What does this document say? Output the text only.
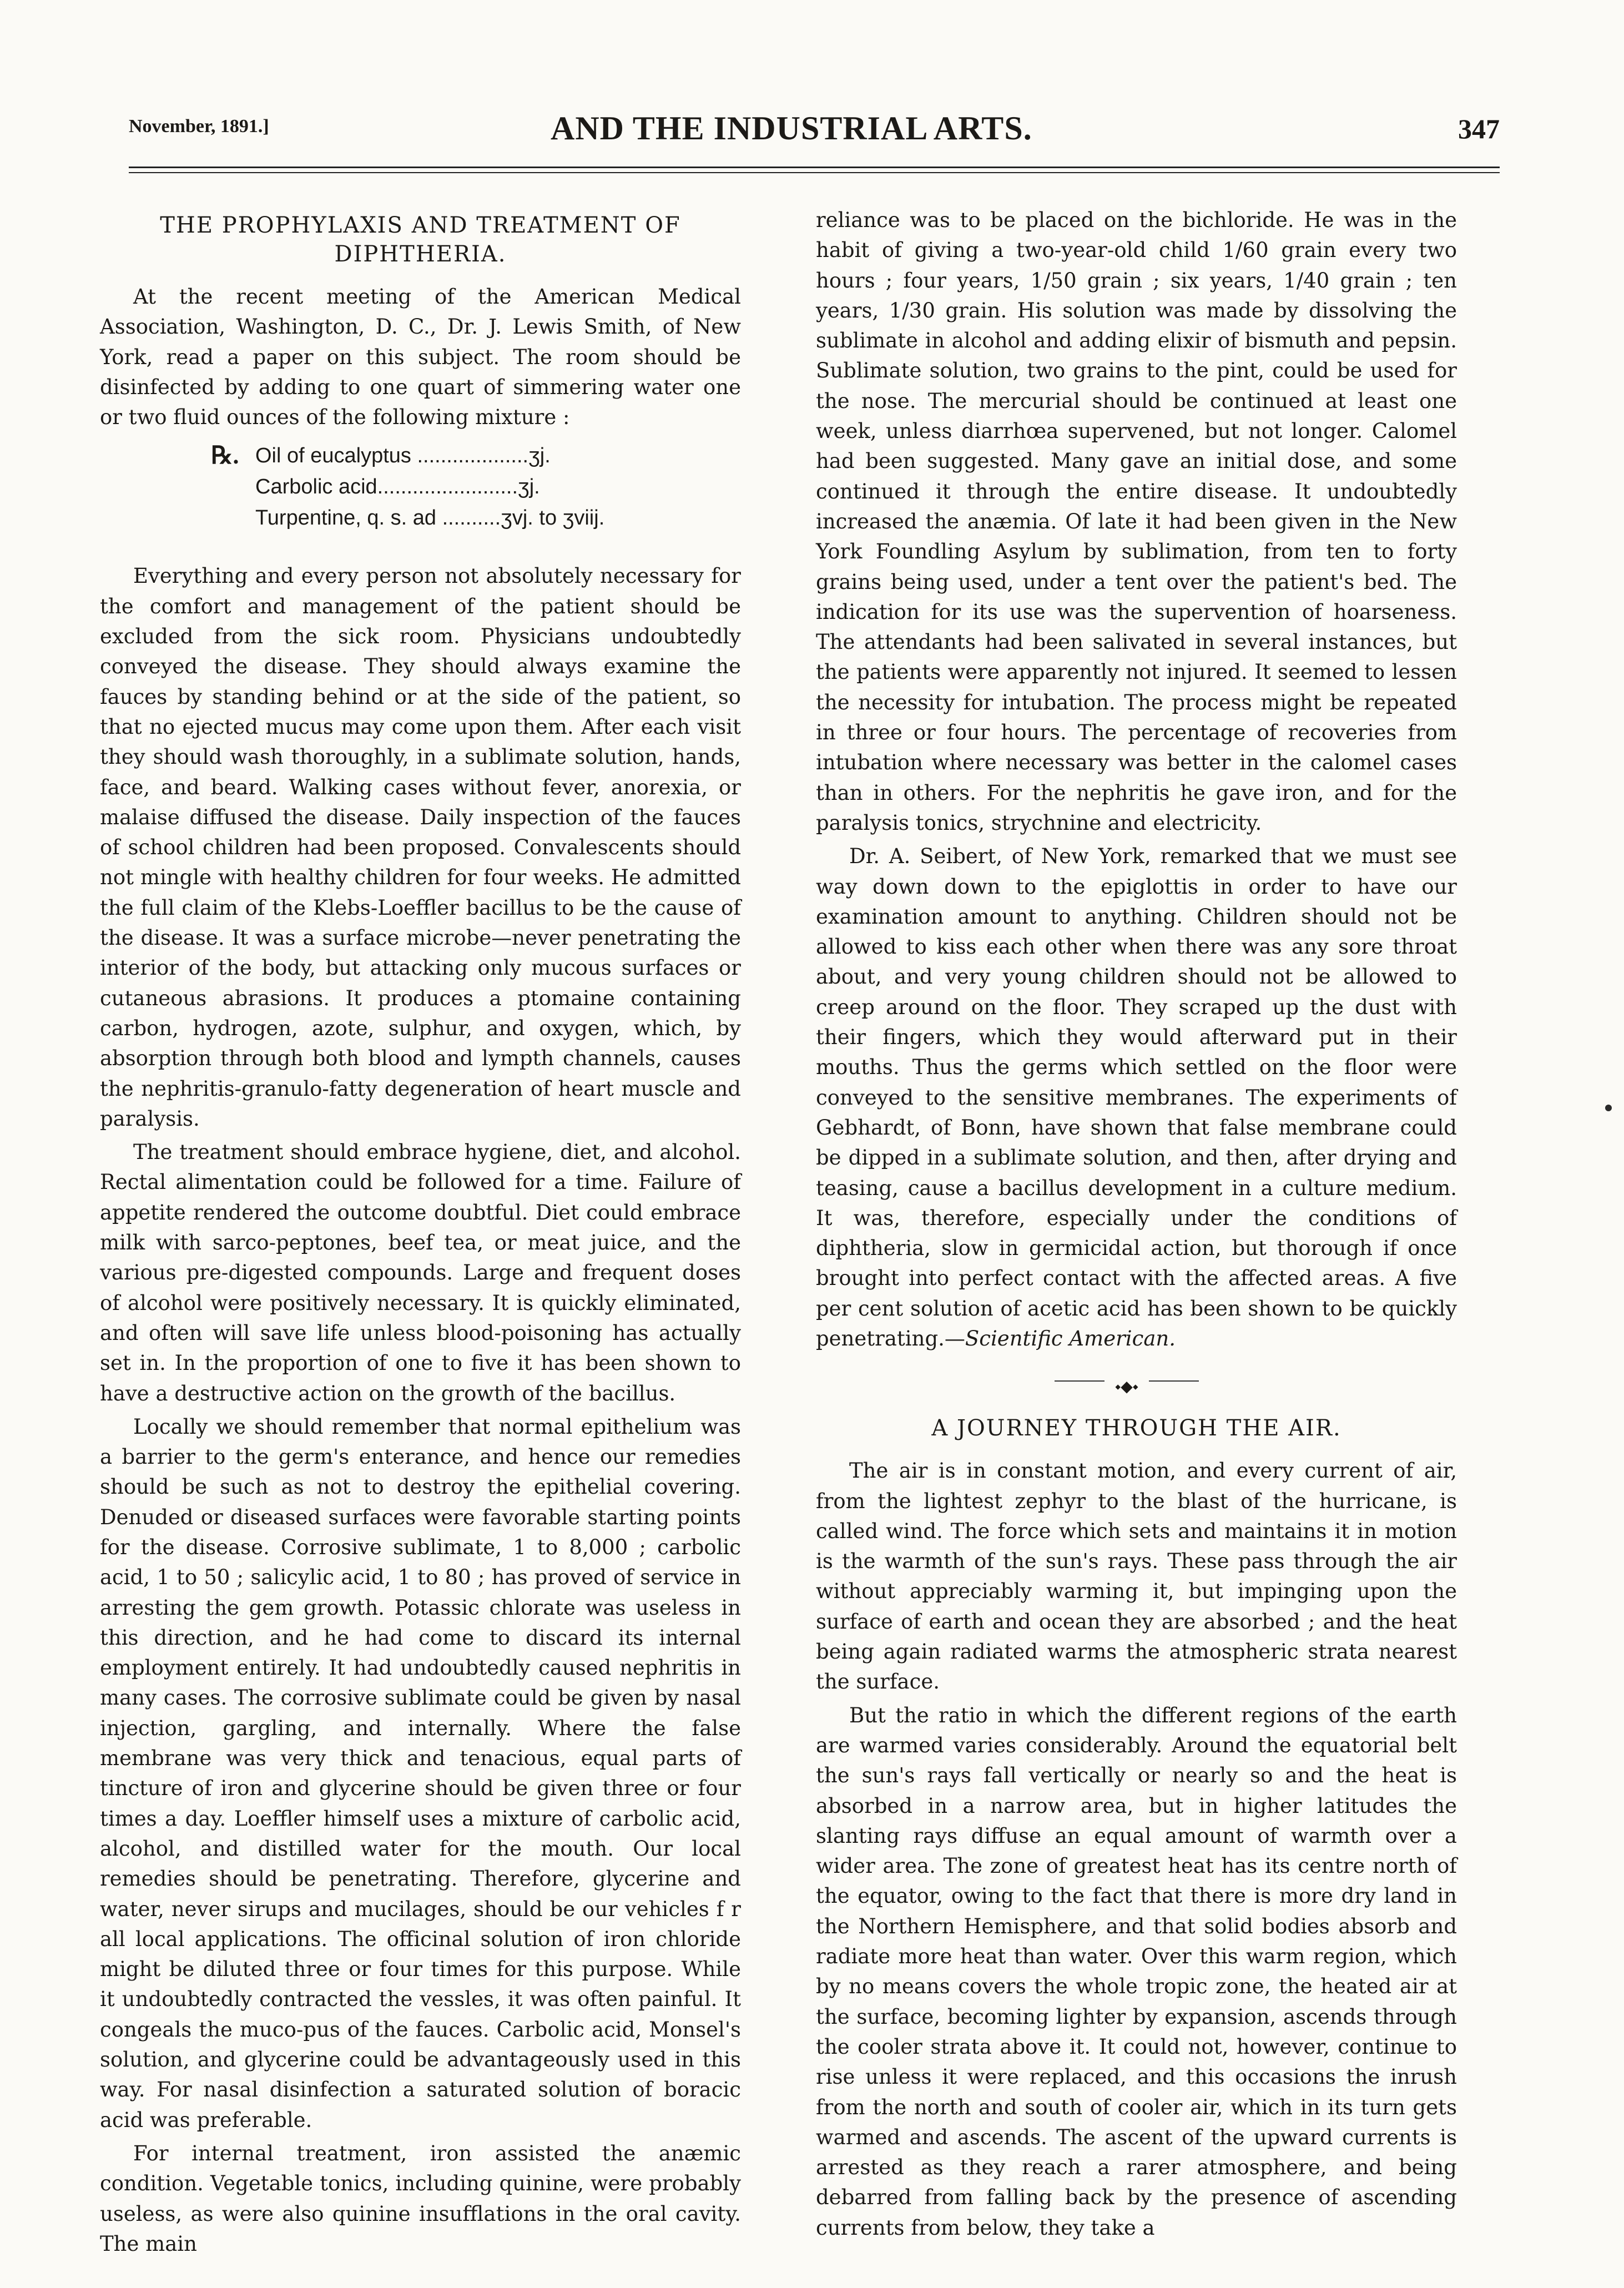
November, 1891.]	AND THE INDUSTRIAL ARTS.	347
THE PROPHYLAXIS AND TREATMENT OF DIPHTHERIA.

At the recent meeting of the American Medical Association, Washington, D. C., Dr. J. Lewis Smith, of New York, read a paper on this subject. The room should be disinfected by adding to one quart of simmering water one or two fluid ounces of the following mixture :

℞. Oil of eucalyptus ...................ʒj.
Carbolic acid........................ʒj.
Turpentine, q. s. ad ..........ʒvj. to ʒviij.

Everything and every person not absolutely necessary for the comfort and management of the patient should be excluded from the sick room. Physicians undoubtedly conveyed the disease. They should always examine the fauces by standing behind or at the side of the patient, so that no ejected mucus may come upon them. After each visit they should wash thoroughly, in a sublimate solution, hands, face, and beard. Walking cases without fever, anorexia, or malaise diffused the disease. Daily inspection of the fauces of school children had been proposed. Convalescents should not mingle with healthy children for four weeks. He admitted the full claim of the Klebs-Loeffler bacillus to be the cause of the disease. It was a surface microbe—never penetrating the interior of the body, but attacking only mucous surfaces or cutaneous abrasions. It produces a ptomaine containing carbon, hydrogen, azote, sulphur, and oxygen, which, by absorption through both blood and lympth channels, causes the nephritis-granulo-fatty degeneration of heart muscle and paralysis.

The treatment should embrace hygiene, diet, and alcohol. Rectal alimentation could be followed for a time. Failure of appetite rendered the outcome doubtful. Diet could embrace milk with sarco-peptones, beef tea, or meat juice, and the various pre-digested compounds. Large and frequent doses of alcohol were positively necessary. It is quickly eliminated, and often will save life unless blood-poisoning has actually set in. In the proportion of one to five it has been shown to have a destructive action on the growth of the bacillus.

Locally we should remember that normal epithelium was a barrier to the germ's enterance, and hence our remedies should be such as not to destroy the epithelial covering. Denuded or diseased surfaces were favorable starting points for the disease. Corrosive sublimate, 1 to 8,000 ; carbolic acid, 1 to 50 ; salicylic acid, 1 to 80 ; has proved of service in arresting the gem growth. Potassic chlorate was useless in this direction, and he had come to discard its internal employment entirely. It had undoubtedly caused nephritis in many cases. The corrosive sublimate could be given by nasal injection, gargling, and internally. Where the false membrane was very thick and tenacious, equal parts of tincture of iron and glycerine should be given three or four times a day. Loeffler himself uses a mixture of carbolic acid, alcohol, and distilled water for the mouth. Our local remedies should be penetrating. Therefore, glycerine and water, never sirups and mucilages, should be our vehicles f r all local applications. The officinal solution of iron chloride might be diluted three or four times for this purpose. While it undoubtedly contracted the vessles, it was often painful. It congeals the muco-pus of the fauces. Carbolic acid, Monsel's solution, and glycerine could be advantageously used in this way. For nasal disinfection a saturated solution of boracic acid was preferable.

For internal treatment, iron assisted the anæmic condition. Vegetable tonics, including quinine, were probably useless, as were also quinine insufflations in the oral cavity. The main

reliance was to be placed on the bichloride. He was in the habit of giving a two-year-old child 1/60 grain every two hours ; four years, 1/50 grain ; six years, 1/40 grain ; ten years, 1/30 grain. His solution was made by dissolving the sublimate in alcohol and adding elixir of bismuth and pepsin. Sublimate solution, two grains to the pint, could be used for the nose. The mercurial should be continued at least one week, unless diarrhœa supervened, but not longer. Calomel had been suggested. Many gave an initial dose, and some continued it through the entire disease. It undoubtedly increased the anæmia. Of late it had been given in the New York Foundling Asylum by sublimation, from ten to forty grains being used, under a tent over the patient's bed. The indication for its use was the supervention of hoarseness. The attendants had been salivated in several instances, but the patients were apparently not injured. It seemed to lessen the necessity for intubation. The process might be repeated in three or four hours. The percentage of recoveries from intubation where necessary was better in the calomel cases than in others. For the nephritis he gave iron, and for the paralysis tonics, strychnine and electricity.

Dr. A. Seibert, of New York, remarked that we must see way down down to the epiglottis in order to have our examination amount to anything. Children should not be allowed to kiss each other when there was any sore throat about, and very young children should not be allowed to creep around on the floor. They scraped up the dust with their fingers, which they would afterward put in their mouths. Thus the germs which settled on the floor were conveyed to the sensitive membranes. The experiments of Gebhardt, of Bonn, have shown that false membrane could be dipped in a sublimate solution, and then, after drying and teasing, cause a bacillus development in a culture medium. It was, therefore, especially under the conditions of diphtheria, slow in germicidal action, but thorough if once brought into perfect contact with the affected areas. A five per cent solution of acetic acid has been shown to be quickly penetrating.—Scientific American.

⬩◆⬩
A JOURNEY THROUGH THE AIR.

The air is in constant motion, and every current of air, from the lightest zephyr to the blast of the hurricane, is called wind. The force which sets and maintains it in motion is the warmth of the sun's rays. These pass through the air without appreciably warming it, but impinging upon the surface of earth and ocean they are absorbed ; and the heat being again radiated warms the atmospheric strata nearest the surface.

But the ratio in which the different regions of the earth are warmed varies considerably. Around the equatorial belt the sun's rays fall vertically or nearly so and the heat is absorbed in a narrow area, but in higher latitudes the slanting rays diffuse an equal amount of warmth over a wider area. The zone of greatest heat has its centre north of the equator, owing to the fact that there is more dry land in the Northern Hemisphere, and that solid bodies absorb and radiate more heat than water. Over this warm region, which by no means covers the whole tropic zone, the heated air at the surface, becoming lighter by expansion, ascends through the cooler strata above it. It could not, however, continue to rise unless it were replaced, and this occasions the inrush from the north and south of cooler air, which in its turn gets warmed and ascends. The ascent of the upward currents is arrested as they reach a rarer atmosphere, and being debarred from falling back by the presence of ascending currents from below, they take a
